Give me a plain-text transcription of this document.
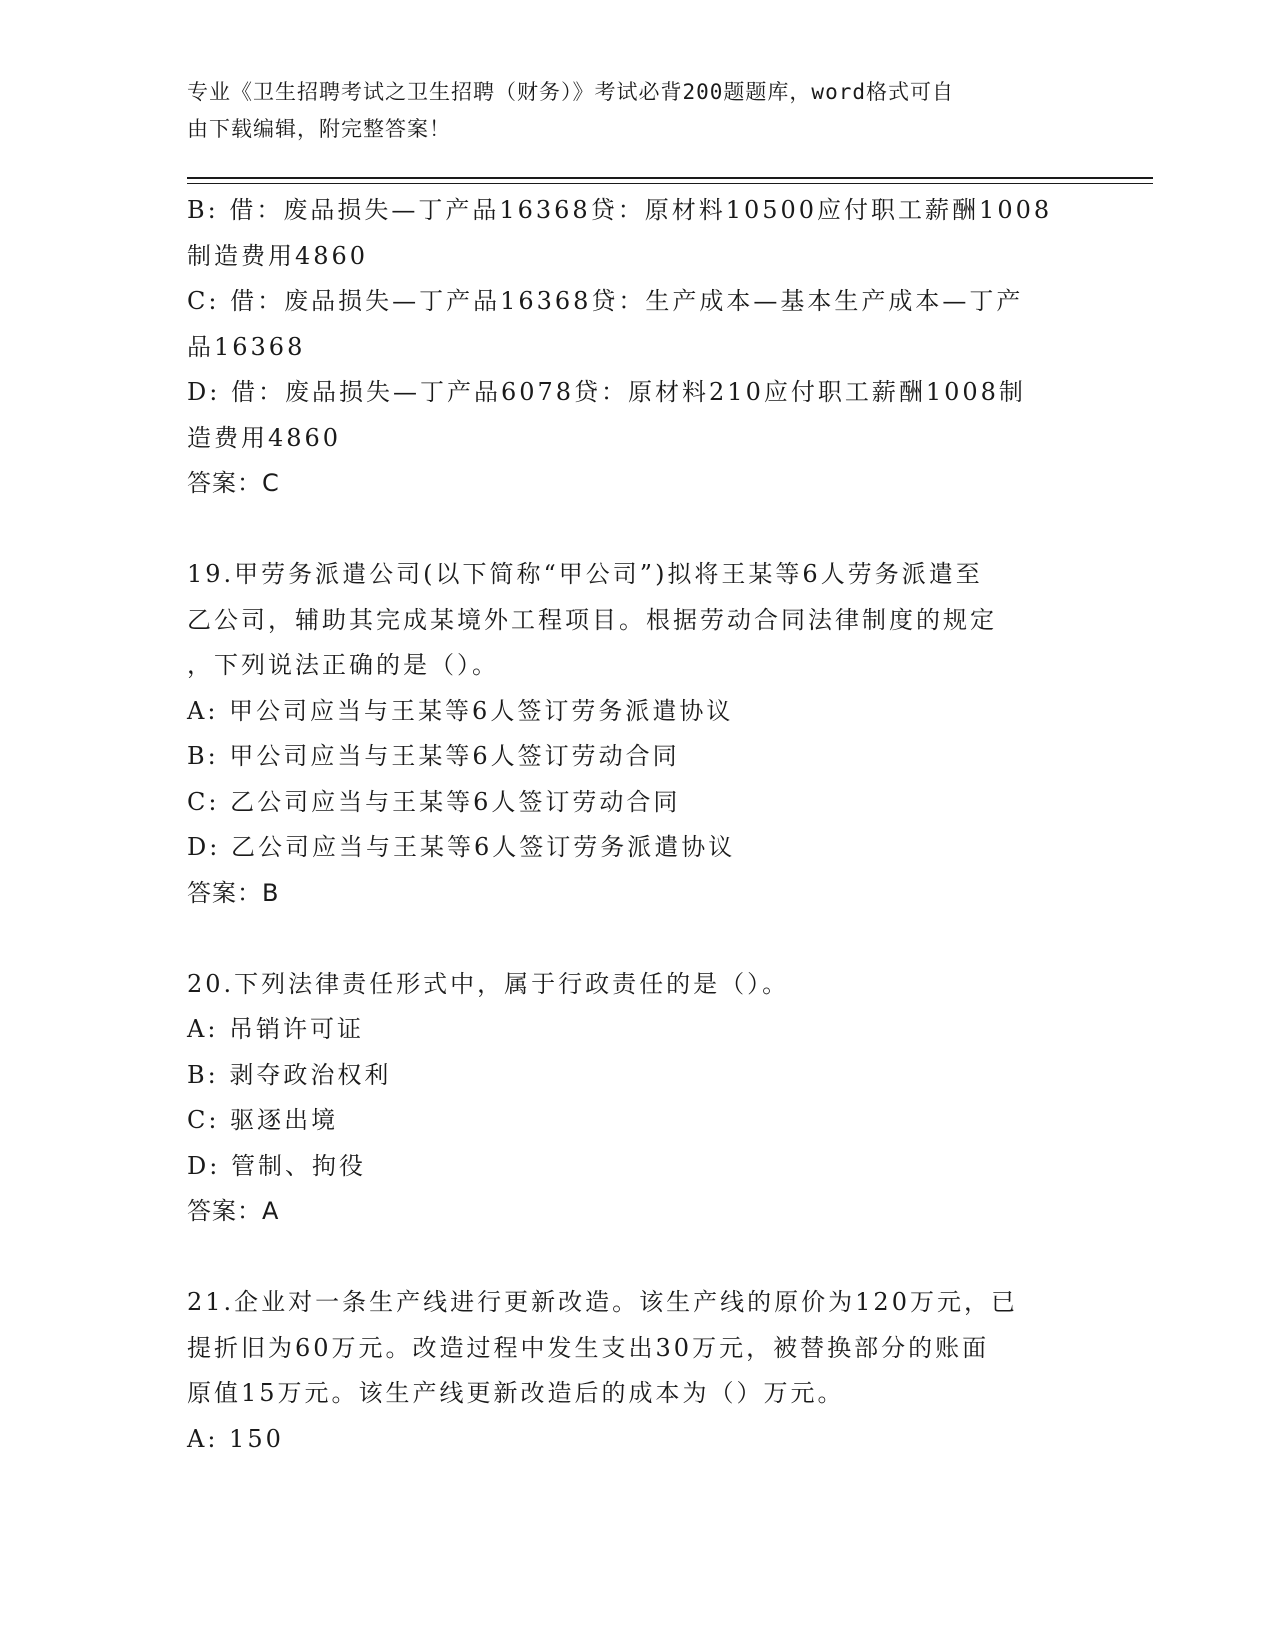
专业《卫生招聘考试之卫生招聘（财务）》考试必背200题题库，word格式可自
由下载编辑，附完整答案！
B: 借：废品损失—丁产品16368贷：原材料10500应付职工薪酬1008
制造费用4860
C: 借：废品损失—丁产品16368贷：生产成本—基本生产成本—丁产
品16368
D: 借：废品损失—丁产品6078贷：原材料210应付职工薪酬1008制
造费用4860
答案：C
19.甲劳务派遣公司(以下简称“甲公司”)拟将王某等6人劳务派遣至
乙公司，辅助其完成某境外工程项目。根据劳动合同法律制度的规定
，下列说法正确的是（）。
A: 甲公司应当与王某等6人签订劳务派遣协议
B: 甲公司应当与王某等6人签订劳动合同
C: 乙公司应当与王某等6人签订劳动合同
D: 乙公司应当与王某等6人签订劳务派遣协议
答案：B
20.下列法律责任形式中，属于行政责任的是（）。
A: 吊销许可证
B: 剥夺政治权利
C: 驱逐出境
D: 管制、拘役
答案：A
21.企业对一条生产线进行更新改造。该生产线的原价为120万元，已
提折旧为60万元。改造过程中发生支出30万元，被替换部分的账面
原值15万元。该生产线更新改造后的成本为（）万元。
A: 150
